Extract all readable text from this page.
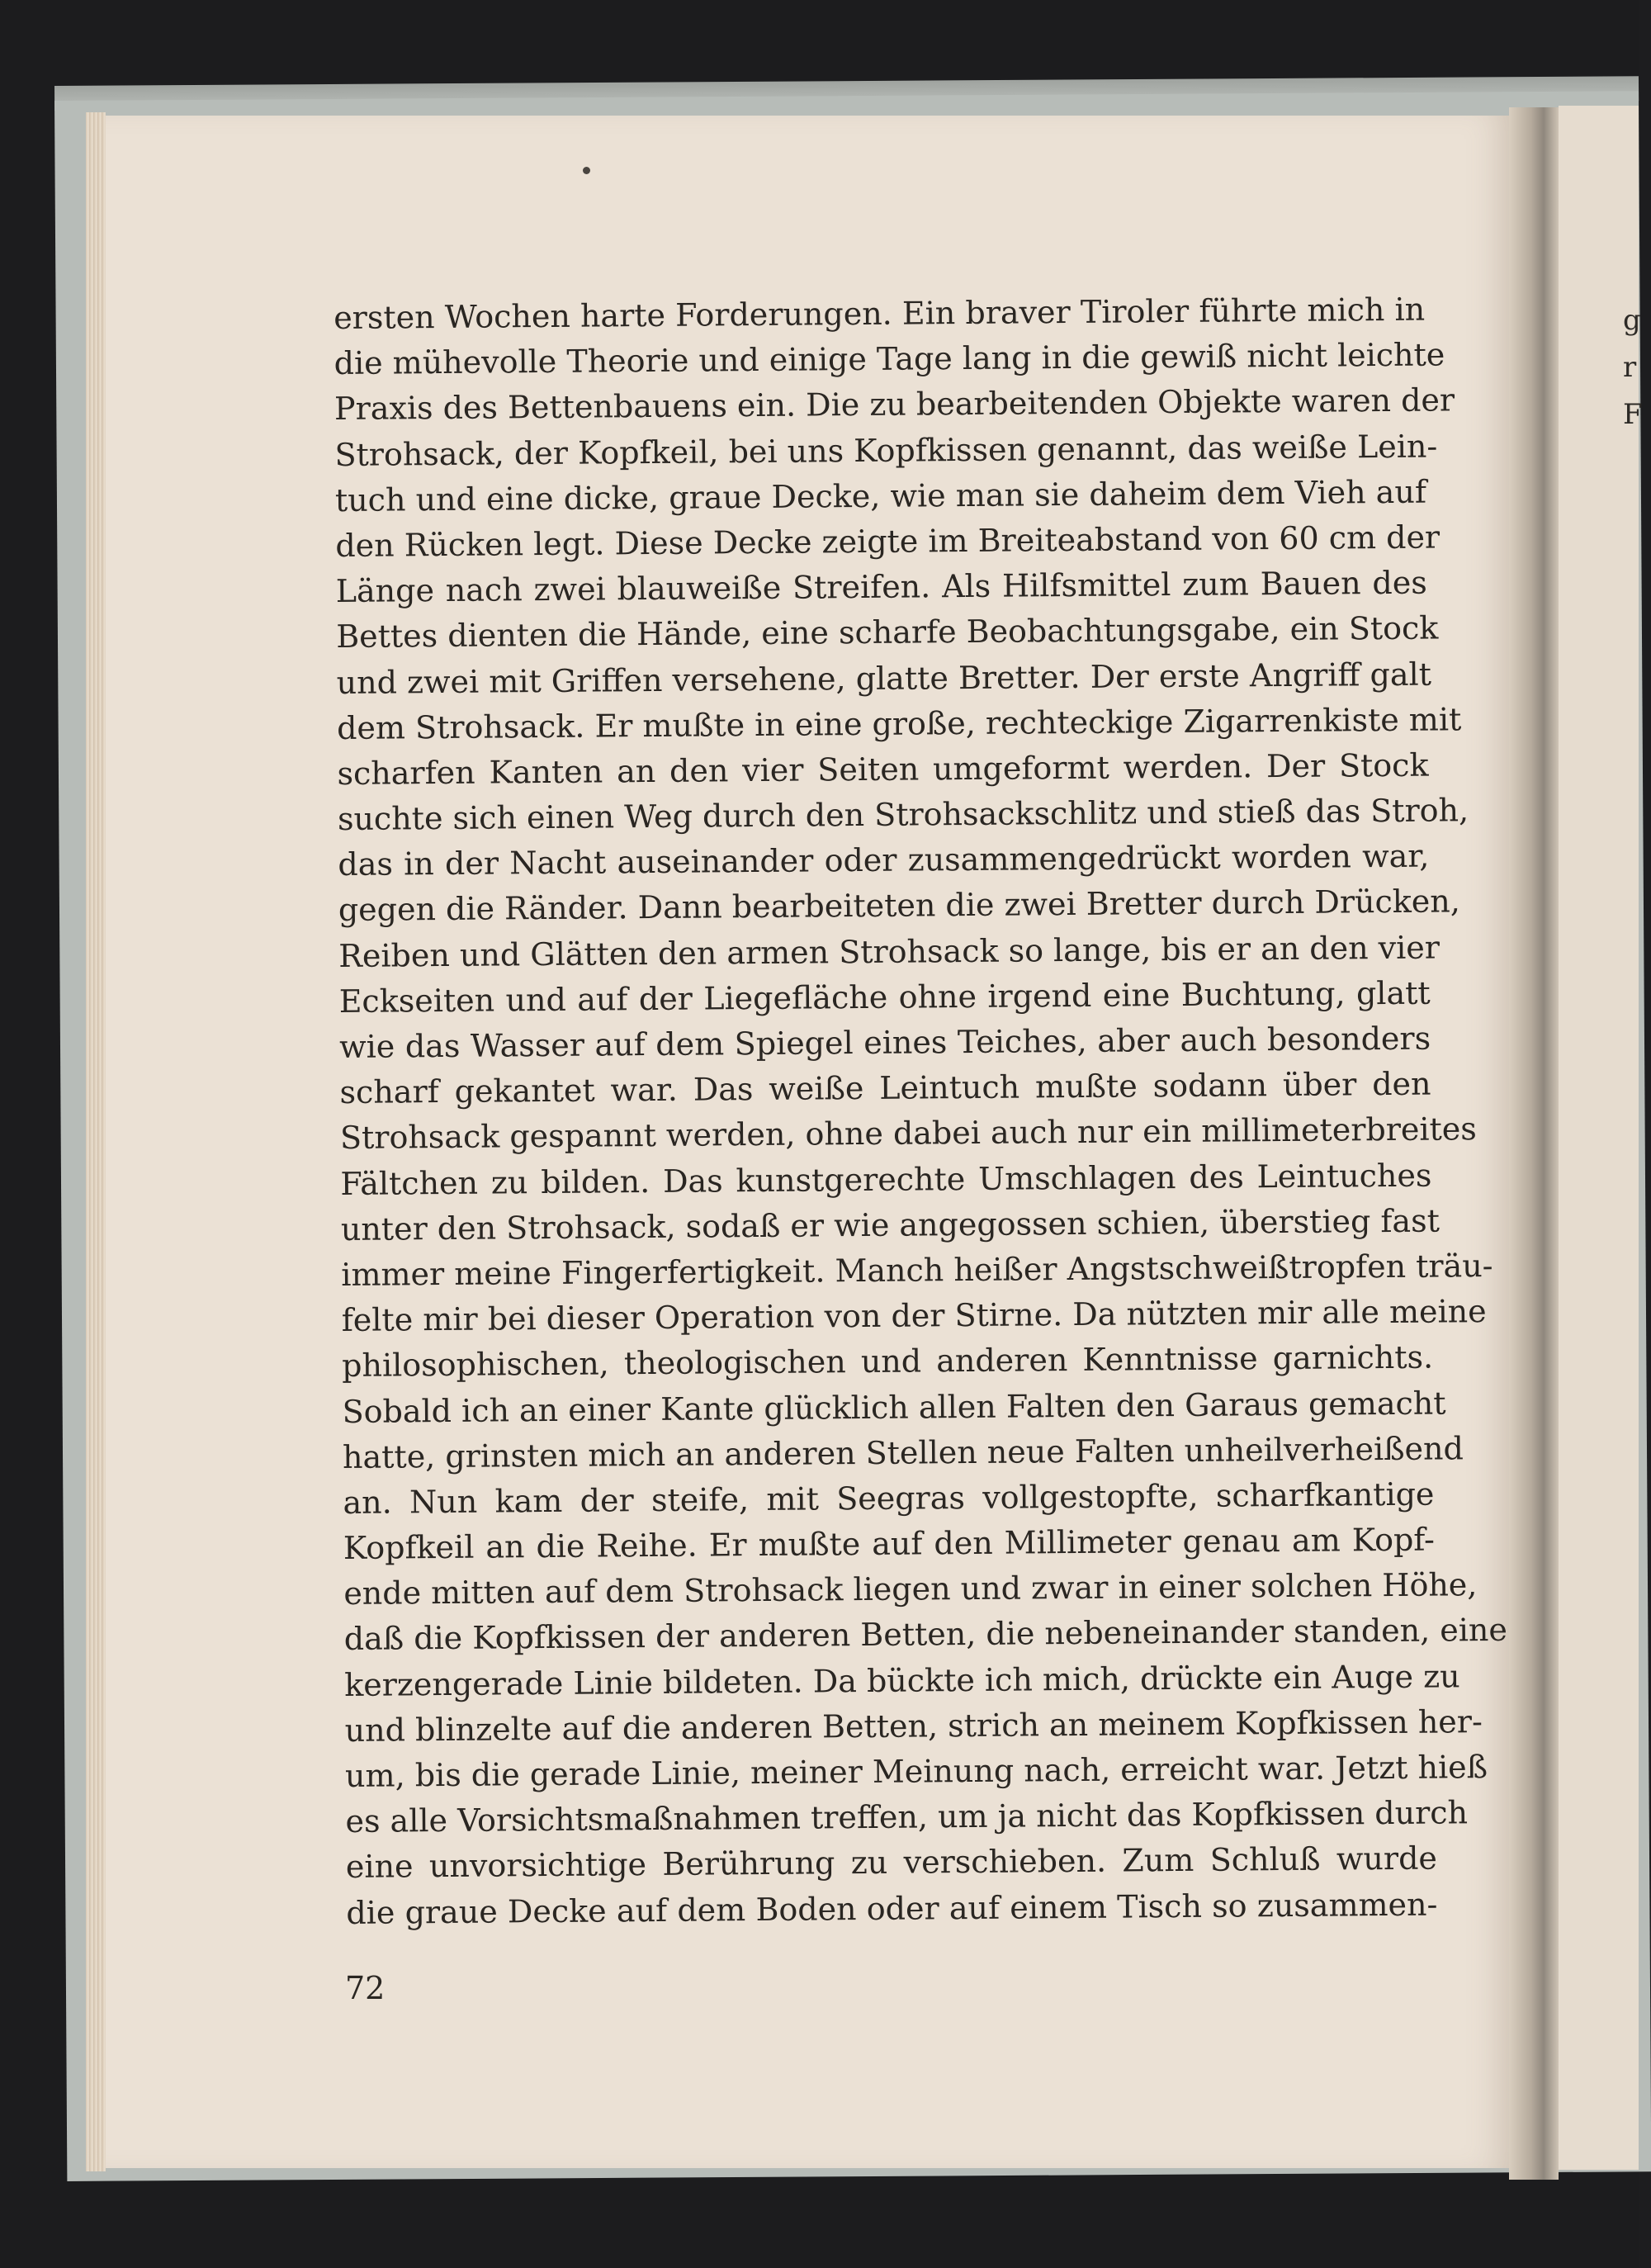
g
r
F
ersten Wochen harte Forderungen. Ein braver Tiroler führte mich in
die mühevolle Theorie und einige Tage lang in die gewiß nicht leichte
Praxis des Bettenbauens ein. Die zu bearbeitenden Objekte waren der
Strohsack, der Kopfkeil, bei uns Kopfkissen genannt, das weiße Lein-
tuch und eine dicke, graue Decke, wie man sie daheim dem Vieh auf
den Rücken legt. Diese Decke zeigte im Breiteabstand von 60 cm der
Länge nach zwei blauweiße Streifen. Als Hilfsmittel zum Bauen des
Bettes dienten die Hände, eine scharfe Beobachtungsgabe, ein Stock
und zwei mit Griffen versehene, glatte Bretter. Der erste Angriff galt
dem Strohsack. Er mußte in eine große, rechteckige Zigarrenkiste mit
scharfen Kanten an den vier Seiten umgeformt werden. Der Stock
suchte sich einen Weg durch den Strohsackschlitz und stieß das Stroh,
das in der Nacht auseinander oder zusammengedrückt worden war,
gegen die Ränder. Dann bearbeiteten die zwei Bretter durch Drücken,
Reiben und Glätten den armen Strohsack so lange, bis er an den vier
Eckseiten und auf der Liegefläche ohne irgend eine Buchtung, glatt
wie das Wasser auf dem Spiegel eines Teiches, aber auch besonders
scharf gekantet war. Das weiße Leintuch mußte sodann über den
Strohsack gespannt werden, ohne dabei auch nur ein millimeterbreites
Fältchen zu bilden. Das kunstgerechte Umschlagen des Leintuches
unter den Strohsack, sodaß er wie angegossen schien, überstieg fast
immer meine Fingerfertigkeit. Manch heißer Angstschweißtropfen träu-
felte mir bei dieser Operation von der Stirne. Da nützten mir alle meine
philosophischen, theologischen und anderen Kenntnisse garnichts.
Sobald ich an einer Kante glücklich allen Falten den Garaus gemacht
hatte, grinsten mich an anderen Stellen neue Falten unheilverheißend
an. Nun kam der steife, mit Seegras vollgestopfte, scharfkantige
Kopfkeil an die Reihe. Er mußte auf den Millimeter genau am Kopf-
ende mitten auf dem Strohsack liegen und zwar in einer solchen Höhe,
daß die Kopfkissen der anderen Betten, die nebeneinander standen, eine
kerzengerade Linie bildeten. Da bückte ich mich, drückte ein Auge zu
und blinzelte auf die anderen Betten, strich an meinem Kopfkissen her-
um, bis die gerade Linie, meiner Meinung nach, erreicht war. Jetzt hieß
es alle Vorsichtsmaßnahmen treffen, um ja nicht das Kopfkissen durch
eine unvorsichtige Berührung zu verschieben. Zum Schluß wurde
die graue Decke auf dem Boden oder auf einem Tisch so zusammen-
72
